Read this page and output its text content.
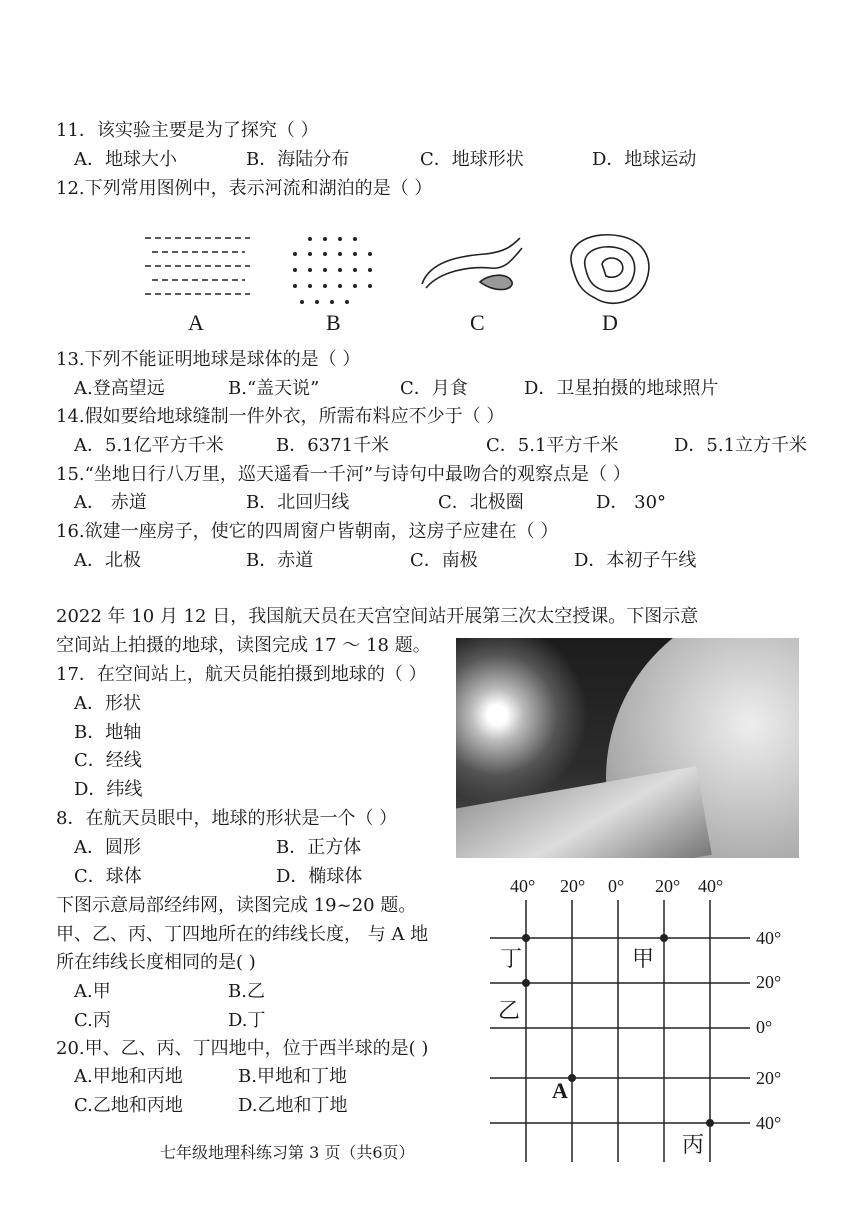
11．该实验主要是为了探究（ ）
A．地球大小	B．海陆分布	C．地球形状	D．地球运动
12.下列常用图例中，表示河流和湖泊的是（ ）
A	B	C	D
13.下列不能证明地球是球体的是（ ）
A.登高望远	B.“盖天说”	C．月食	D．卫星拍摄的地球照片
14.假如要给地球缝制一件外衣，所需布料应不少于（ ）
A．5.1亿平方千米	B．6371千米	C．5.1平方千米	D．5.1立方千米
15.“坐地日行八万里，巡天遥看一千河”与诗句中最吻合的观察点是（ ）
A． 赤道	B．北回归线	C．北极圈	D． 30°
16.欲建一座房子，使它的四周窗户皆朝南，这房子应建在（ ）
A．北极	B．赤道	C．南极	D．本初子午线
2022 年 10 月 12 日，我国航天员在天宫空间站开展第三次太空授课。下图示意
空间站上拍摄的地球，读图完成 17 ～ 18 题。
17．在空间站上，航天员能拍摄到地球的（ ）
A．形状
B．地轴
C．经线
D．纬线
8．在航天员眼中，地球的形状是一个（ ）
A．圆形	B．正方体
C．球体	D．椭球体
下图示意局部经纬网，读图完成 19~20 题。
甲、乙、丙、丁四地所在的纬线长度， 与 A 地
所在纬线长度相同的是( )
A.甲	B.乙
C.丙	D.丁
20.甲、乙、丙、丁四地中，位于西半球的是( )
A.甲地和丙地	B.甲地和丁地
C.乙地和丙地	D.乙地和丁地
40° 20° 0° 20° 40°
40°
20°
0°
20°
40°
丁	甲
乙
A
丙
七年级地理科练习第 3 页（共6页）
